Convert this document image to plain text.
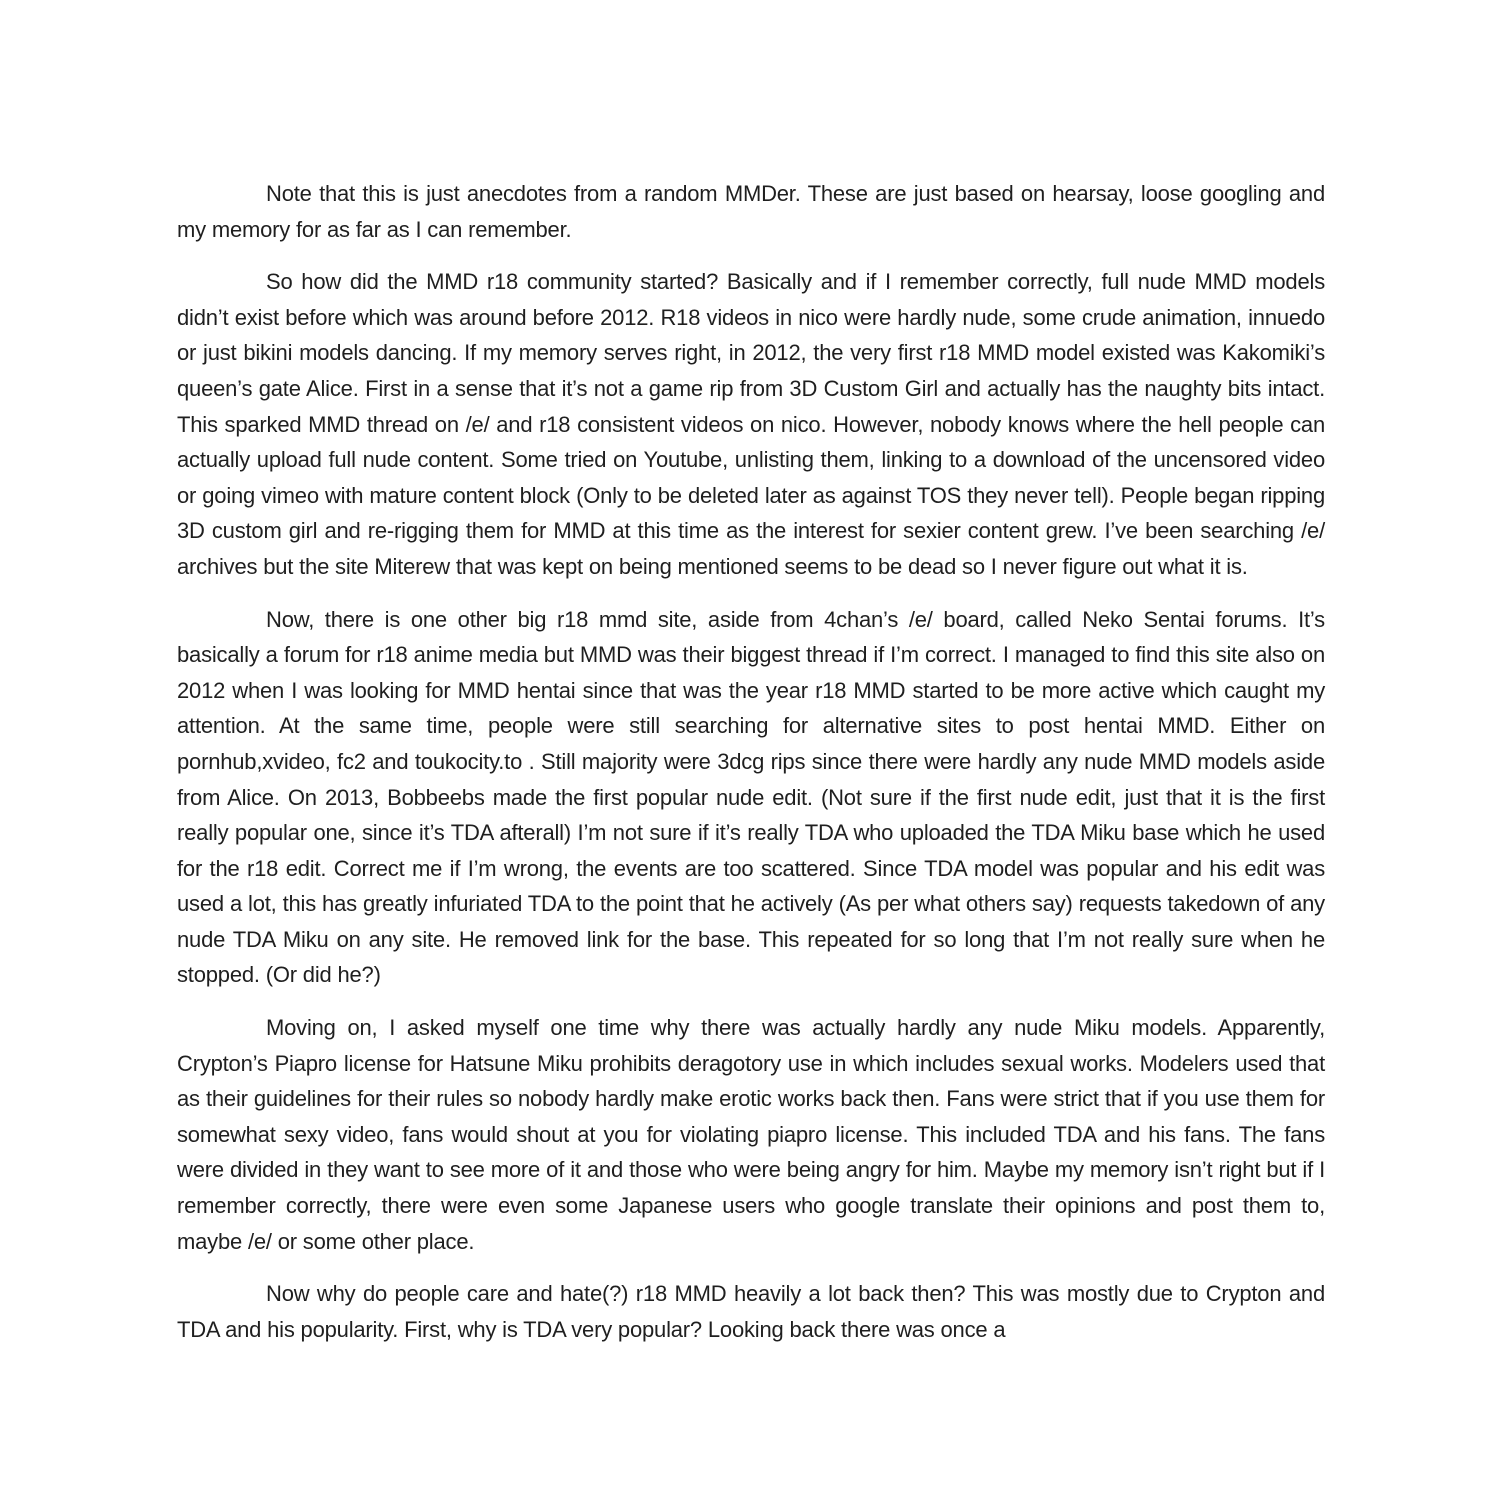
Note that this is just anecdotes from a random MMDer. These are just based on hearsay, loose googling and my memory for as far as I can remember.

So how did the MMD r18 community started? Basically and if I remember correctly, full nude MMD models didn’t exist before which was around before 2012. R18 videos in nico were hardly nude, some crude animation, innuedo or just bikini models dancing. If my memory serves right, in 2012, the very first r18 MMD model existed was Kakomiki’s queen’s gate Alice. First in a sense that it’s not a game rip from 3D Custom Girl and actually has the naughty bits intact. This sparked MMD thread on /e/ and r18 consistent videos on nico. However, nobody knows where the hell people can actually upload full nude content. Some tried on Youtube, unlisting them, linking to a download of the uncensored video or going vimeo with mature content block (Only to be deleted later as against TOS they never tell). People began ripping 3D custom girl and re-rigging them for MMD at this time as the interest for sexier content grew. I’ve been searching /e/ archives but the site Miterew that was kept on being mentioned seems to be dead so I never figure out what it is.

Now, there is one other big r18 mmd site, aside from 4chan’s /e/ board, called Neko Sentai forums. It’s basically a forum for r18 anime media but MMD was their biggest thread if I’m correct. I managed to find this site also on 2012 when I was looking for MMD hentai since that was the year r18 MMD started to be more active which caught my attention. At the same time, people were still searching for alternative sites to post hentai MMD. Either on pornhub,xvideo, fc2 and toukocity.to . Still majority were 3dcg rips since there were hardly any nude MMD models aside from Alice. On 2013, Bobbeebs made the first popular nude edit. (Not sure if the first nude edit, just that it is the first really popular one, since it’s TDA afterall) I’m not sure if it’s really TDA who uploaded the TDA Miku base which he used for the r18 edit. Correct me if I’m wrong, the events are too scattered. Since TDA model was popular and his edit was used a lot, this has greatly infuriated TDA to the point that he actively (As per what others say) requests takedown of any nude TDA Miku on any site. He removed link for the base. This repeated for so long that I’m not really sure when he stopped. (Or did he?)

Moving on, I asked myself one time why there was actually hardly any nude Miku models. Apparently, Crypton’s Piapro license for Hatsune Miku prohibits deragotory use in which includes sexual works. Modelers used that as their guidelines for their rules so nobody hardly make erotic works back then. Fans were strict that if you use them for somewhat sexy video, fans would shout at you for violating piapro license. This included TDA and his fans. The fans were divided in they want to see more of it and those who were being angry for him. Maybe my memory isn’t right but if I remember correctly, there were even some Japanese users who google translate their opinions and post them to, maybe /e/ or some other place.

Now why do people care and hate(?) r18 MMD heavily a lot back then? This was mostly due to Crypton and TDA and his popularity. First, why is TDA very popular? Looking back there was once a
